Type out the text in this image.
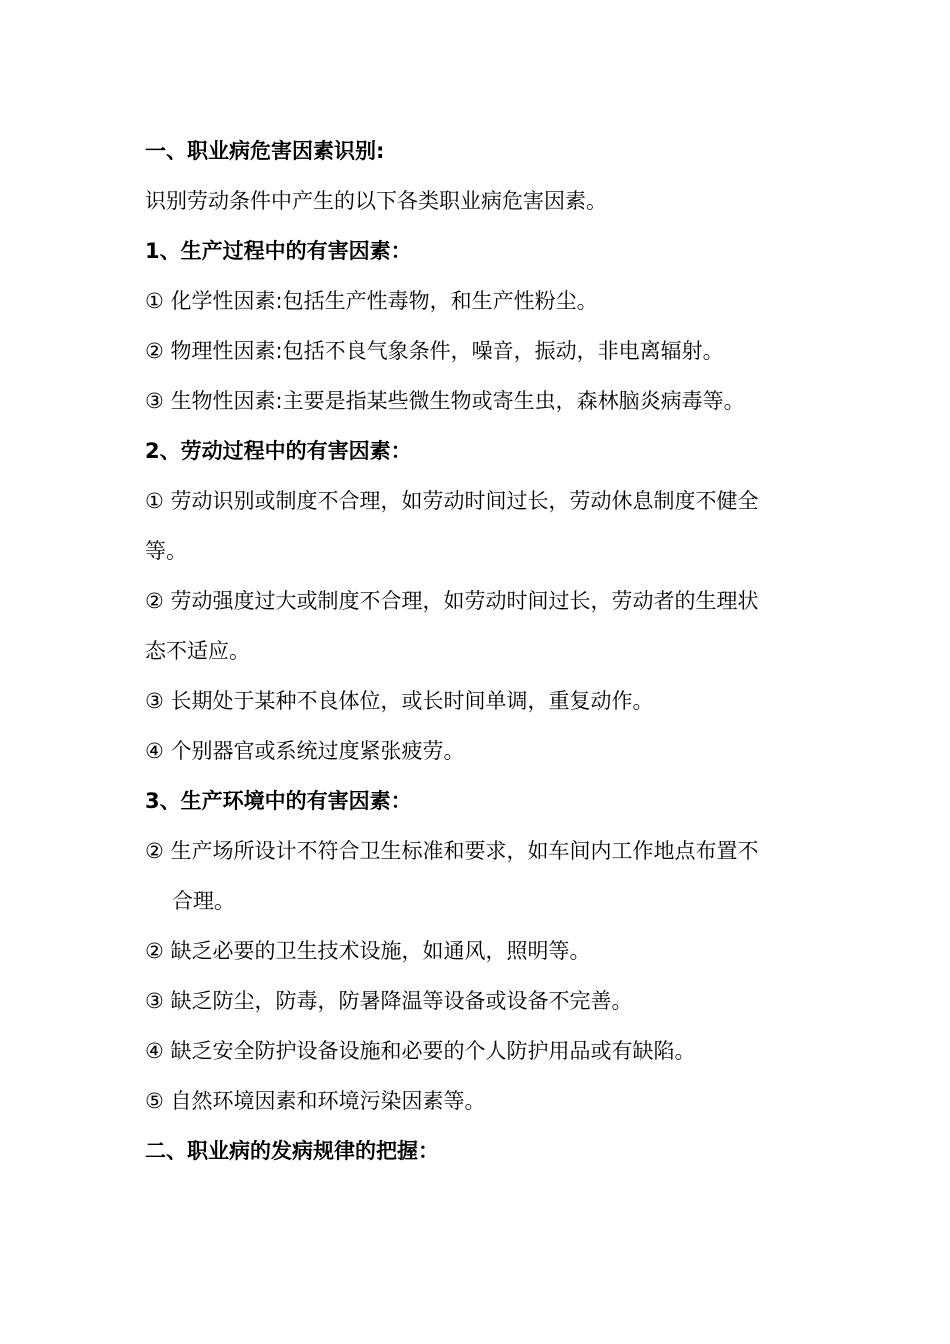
一、职业病危害因素识别:
识别劳动条件中产生的以下各类职业病危害因素。
1、生产过程中的有害因素：
① 化学性因素:包括生产性毒物，和生产性粉尘。
② 物理性因素:包括不良气象条件，噪音，振动，非电离辐射。
③ 生物性因素:主要是指某些微生物或寄生虫，森林脑炎病毒等。
2、劳动过程中的有害因素：
① 劳动识别或制度不合理，如劳动时间过长，劳动休息制度不健全
等。
② 劳动强度过大或制度不合理，如劳动时间过长，劳动者的生理状
态不适应。
③ 长期处于某种不良体位，或长时间单调，重复动作。
④ 个别器官或系统过度紧张疲劳。
3、生产环境中的有害因素：
② 生产场所设计不符合卫生标准和要求，如车间内工作地点布置不
合理。
② 缺乏必要的卫生技术设施，如通风，照明等。
③ 缺乏防尘，防毒，防暑降温等设备或设备不完善。
④ 缺乏安全防护设备设施和必要的个人防护用品或有缺陷。
⑤ 自然环境因素和环境污染因素等。
二、职业病的发病规律的把握：
